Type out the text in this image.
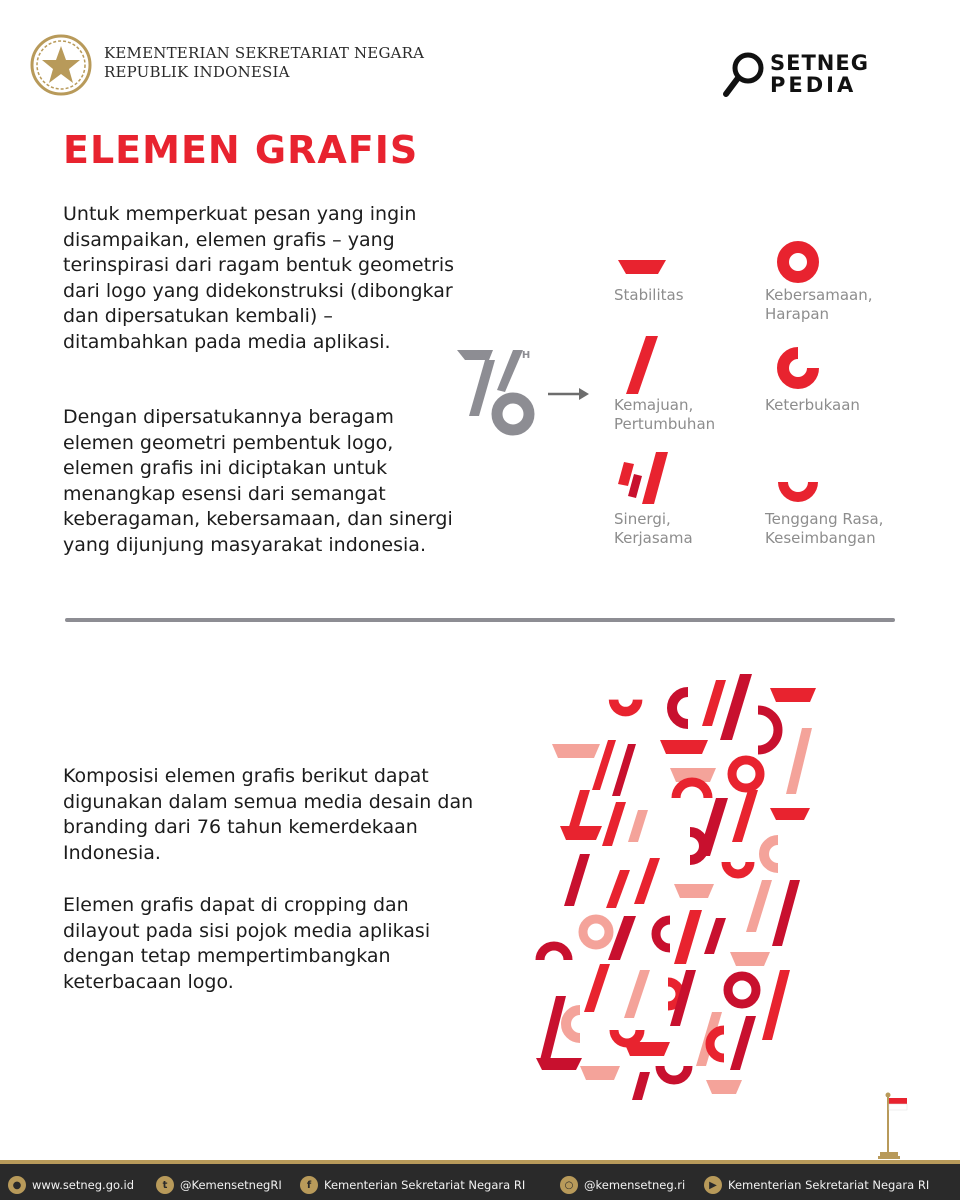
KEMENTERIAN SEKRETARIAT NEGARA
REPUBLIK INDONESIA	SETNEG
PEDIA
ELEMEN GRAFIS

Untuk memperkuat pesan yang ingin disampaikan, elemen grafis – yang terinspirasi dari ragam bentuk geometris dari logo yang didekonstruksi (dibongkar dan dipersatukan kembali) – ditambahkan pada media aplikasi.

Dengan dipersatukannya beragam elemen geometri pembentuk logo, elemen grafis ini diciptakan untuk menangkap esensi dari semangat keberagaman, kebersamaan, dan sinergi yang dijunjung masyarakat indonesia.

TH
Stabilitas	Kebersamaan,
Harapan
Kemajuan,
Pertumbuhan
Keterbukaan
Sinergi,
Kerjasama
Tenggang Rasa,
Keseimbangan

Komposisi elemen grafis berikut dapat digunakan dalam semua media desain dan branding dari 76 tahun kemerdekaan Indonesia.

Elemen grafis dapat di cropping dan dilayout pada sisi pojok media aplikasi dengan tetap mempertimbangkan keterbacaan logo.

● www.setneg.go.id	t	@KemensetnegRI	f	Kementerian Sekretariat Negara RI	○ @kemensetneg.ri	▶ Kementerian Sekretariat Negara RI
